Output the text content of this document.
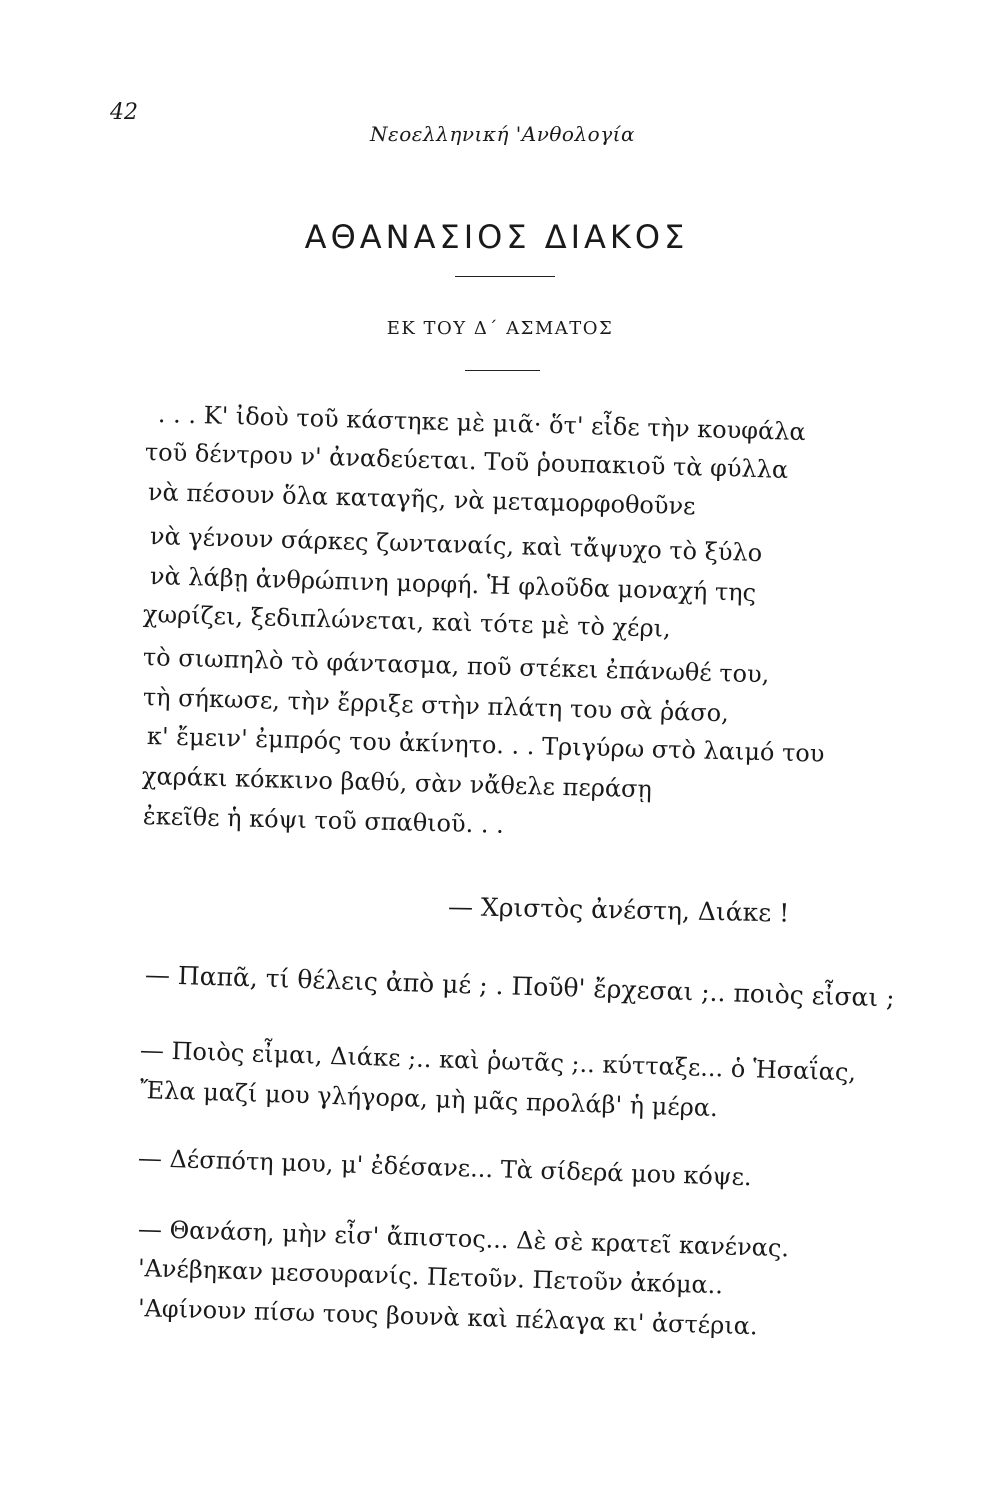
42
Νεοελληνική 'Ανθολογία
ΑΘΑΝΑΣΙΟΣ ΔΙΑΚΟΣ
ΕΚ ΤΟΥ Δ΄ ΑΣΜΑΤΟΣ
. . . Κ' ἰδοὺ τοῦ κάστηκε μὲ μιᾶ· ὅτ' εἶδε τὴν κουφάλα
τοῦ δέντρου ν' ἀναδεύεται. Τοῦ ῥουπακιοῦ τὰ φύλλα
νὰ πέσουν ὅλα καταγῆς, νὰ μεταμορφοθοῦνε
νὰ γένουν σάρκες ζωνταναίς, καὶ τἄψυχο τὸ ξύλο
νὰ λάβῃ ἀνθρώπινη μορφή. Ἡ φλοῦδα μοναχή της
χωρίζει, ξεδιπλώνεται, καὶ τότε μὲ τὸ χέρι,
τὸ σιωπηλὸ τὸ φάντασμα, ποῦ στέκει ἐπάνωθέ του,
τὴ σήκωσε, τὴν ἔρριξε στὴν πλάτη του σὰ ῥάσο,
κ' ἔμειν' ἐμπρός του ἀκίνητο. . . Τριγύρω στὸ λαιμό του
χαράκι κόκκινο βαθύ, σὰν νἄθελε περάσῃ
ἐκεῖθε ἡ κόψι τοῦ σπαθιοῦ. . .
— Χριστὸς ἀνέστη, Διάκε !
— Παπᾶ, τί θέλεις ἀπὸ μέ ; . Ποῦθ' ἔρχεσαι ;.. ποιὸς εἶσαι ;
— Ποιὸς εἶμαι, Διάκε ;.. καὶ ῥωτᾶς ;.. κύτταξε... ὁ Ἡσαΐας,
Ἔλα μαζί μου γλήγορα, μὴ μᾶς προλάβ' ἡ μέρα.
— Δέσπότη μου, μ' ἐδέσανε... Τὰ σίδερά μου κόψε.
— Θανάση, μὴν εἶσ' ἄπιστος... Δὲ σὲ κρατεῖ κανένας.
'Ανέβηκαν μεσουρανίς. Πετοῦν. Πετοῦν ἀκόμα..
'Αφίνουν πίσω τους βουνὰ καὶ πέλαγα κι' ἀστέρια.
